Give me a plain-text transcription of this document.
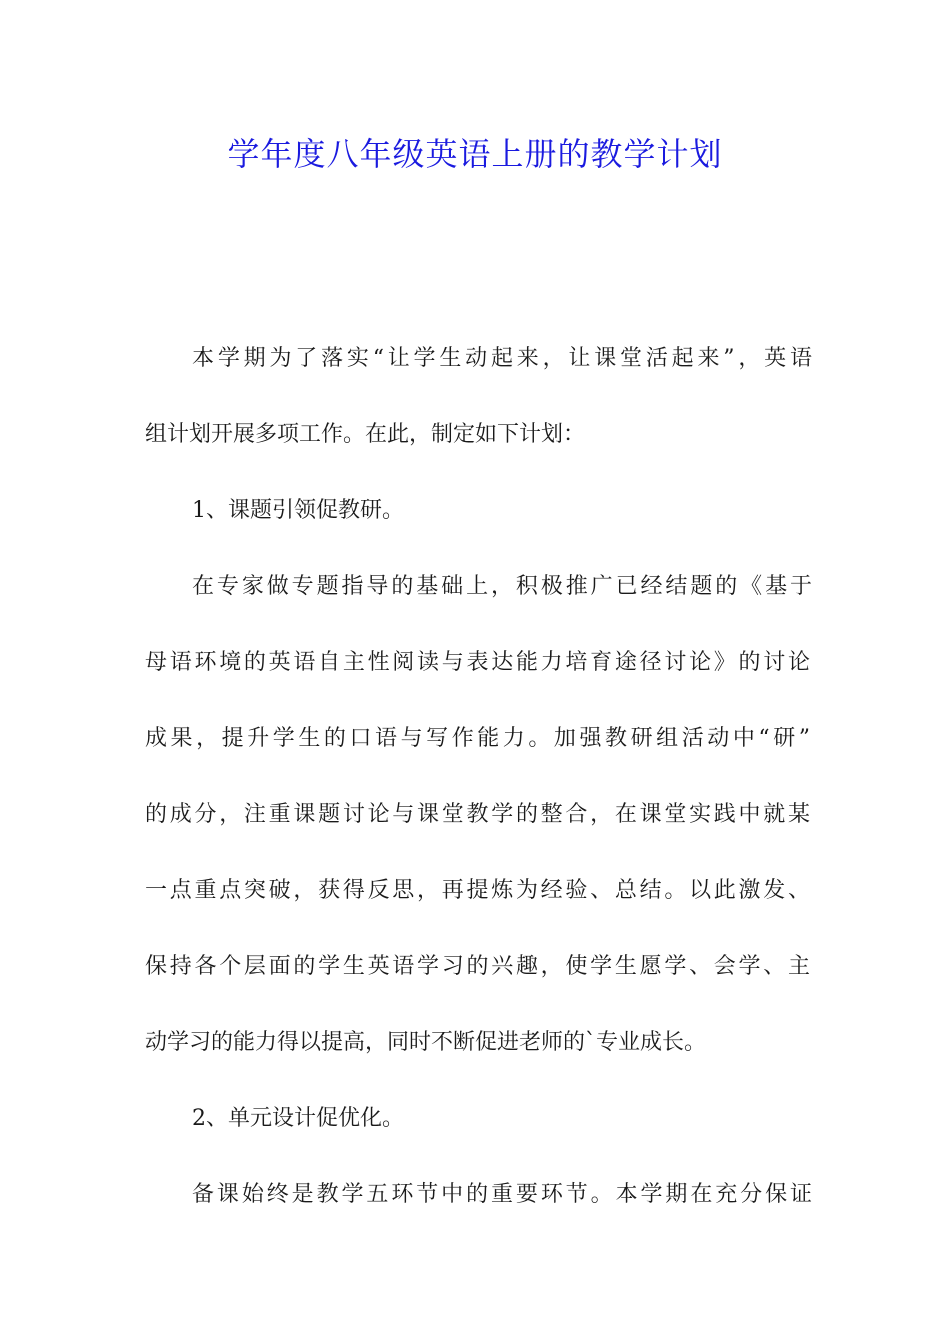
学年度八年级英语上册的教学计划

本学期为了落实“让学生动起来，让课堂活起来”，英语

组计划开展多项工作。在此，制定如下计划：

1、课题引领促教研。

在专家做专题指导的基础上，积极推广已经结题的《基于

母语环境的英语自主性阅读与表达能力培育途径讨论》的讨论

成果，提升学生的口语与写作能力。加强教研组活动中“研”

的成分，注重课题讨论与课堂教学的整合，在课堂实践中就某

一点重点突破，获得反思，再提炼为经验、总结。以此激发、

保持各个层面的学生英语学习的兴趣，使学生愿学、会学、主

动学习的能力得以提高，同时不断促进老师的`专业成长。

2、单元设计促优化。

备课始终是教学五环节中的重要环节。本学期在充分保证
